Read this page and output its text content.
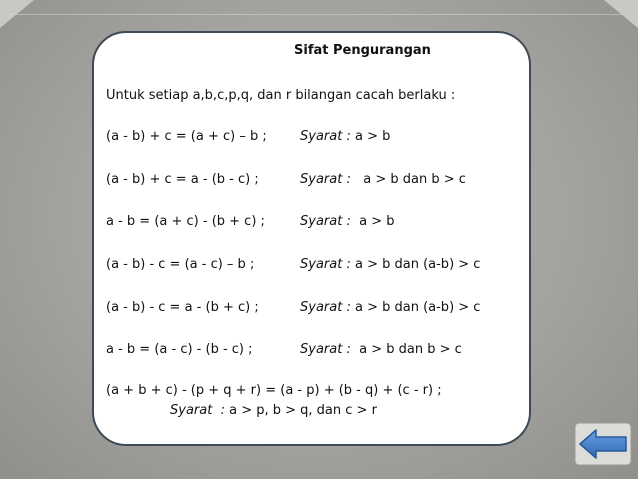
Sifat Pengurangan
Untuk setiap a,b,c,p,q, dan r bilangan cacah berlaku :
(a - b) + c = (a + c) – b ;	Syarat : a > b
(a - b) + c = a - (b - c) ;	Syarat :   a > b dan b > c
a - b = (a + c) - (b + c) ;	Syarat :  a > b
(a - b) - c = (a - c) – b ;	Syarat : a > b dan (a-b) > c
(a - b) - c = a - (b + c) ;	Syarat : a > b dan (a-b) > c
a - b = (a - c) - (b - c) ;	Syarat :  a > b dan b > c
(a + b + c) - (p + q + r) = (a - p) + (b - q) + (c - r) ;
Syarat  : a > p, b > q, dan c > r
